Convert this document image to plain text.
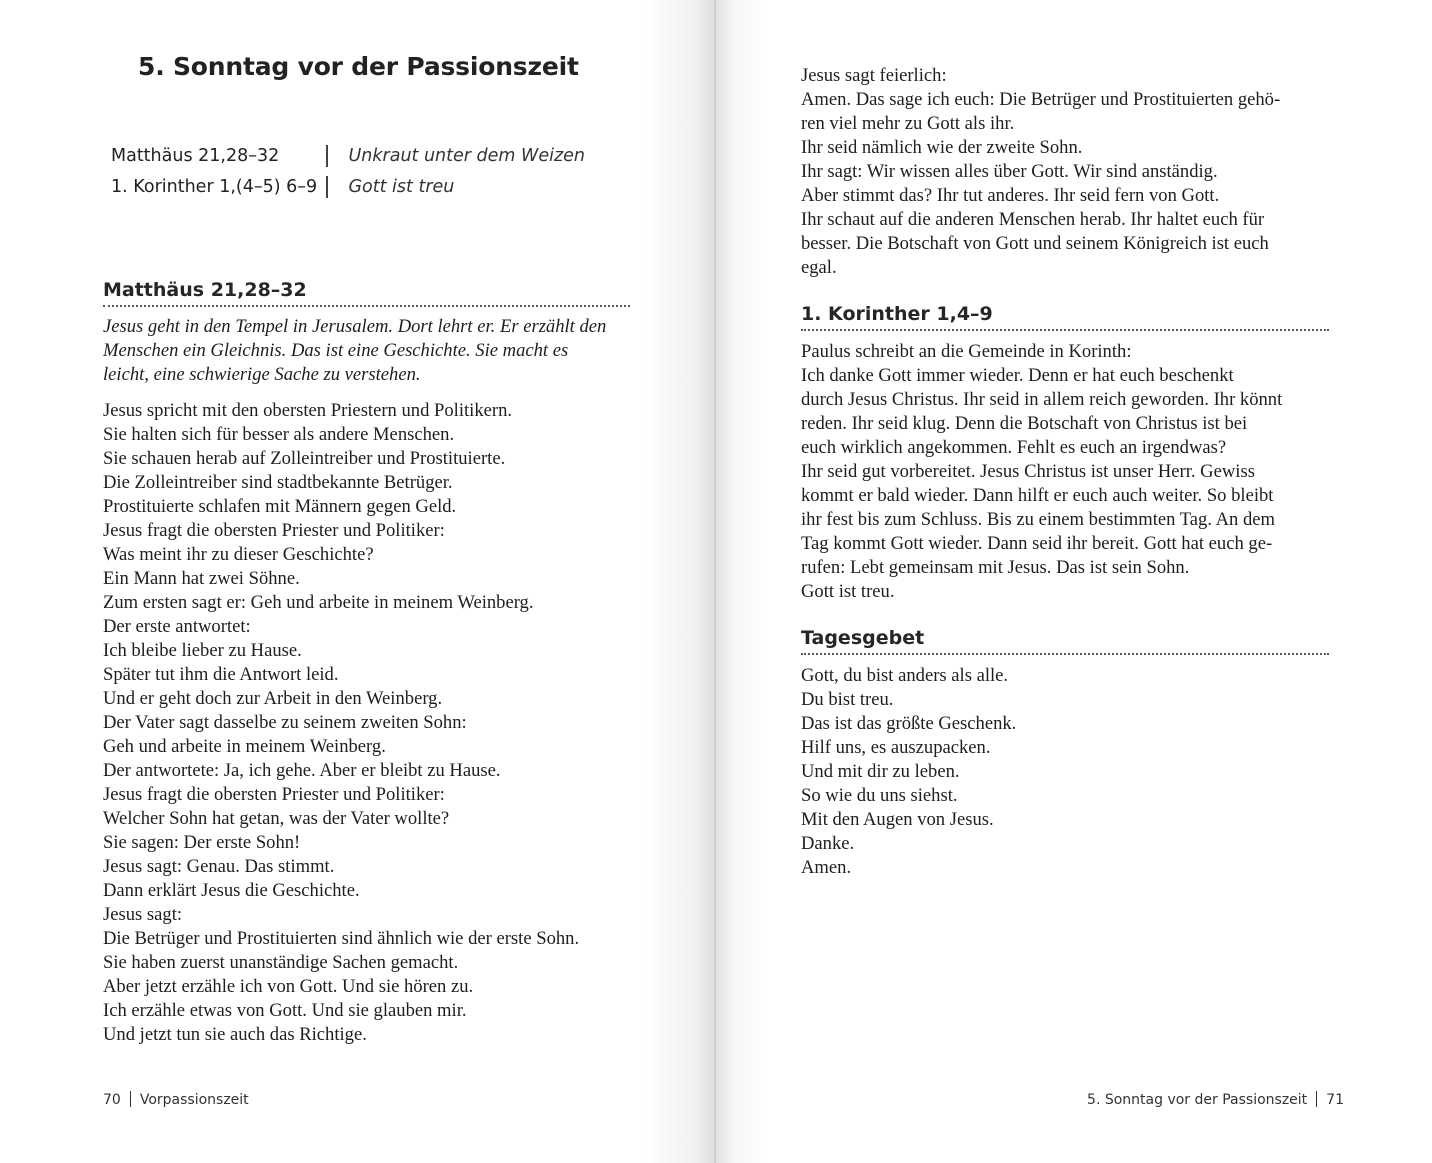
5. Sonntag vor der Passionszeit
Matthäus 21,28–32	Unkraut unter dem Weizen
1. Korinther 1,(4–5) 6–9	Gott ist treu
Matthäus 21,28–32
Jesus geht in den Tempel in Jerusalem. Dort lehrt er. Er erzählt den
Menschen ein Gleichnis. Das ist eine Geschichte. Sie macht es
leicht, eine schwierige Sache zu verstehen.
Jesus spricht mit den obersten Priestern und Politikern.
Sie halten sich für besser als andere Menschen.
Sie schauen herab auf Zolleintreiber und Prostituierte.
Die Zolleintreiber sind stadtbekannte Betrüger.
Prostituierte schlafen mit Männern gegen Geld.
Jesus fragt die obersten Priester und Politiker:
Was meint ihr zu dieser Geschichte?
Ein Mann hat zwei Söhne.
Zum ersten sagt er: Geh und arbeite in meinem Weinberg.
Der erste antwortet:
Ich bleibe lieber zu Hause.
Später tut ihm die Antwort leid.
Und er geht doch zur Arbeit in den Weinberg.
Der Vater sagt dasselbe zu seinem zweiten Sohn:
Geh und arbeite in meinem Weinberg.
Der antwortete: Ja, ich gehe. Aber er bleibt zu Hause.
Jesus fragt die obersten Priester und Politiker:
Welcher Sohn hat getan, was der Vater wollte?
Sie sagen: Der erste Sohn!
Jesus sagt: Genau. Das stimmt.
Dann erklärt Jesus die Geschichte.
Jesus sagt:
Die Betrüger und Prostituierten sind ähnlich wie der erste Sohn.
Sie haben zuerst unanständige Sachen gemacht.
Aber jetzt erzähle ich von Gott. Und sie hören zu.
Ich erzähle etwas von Gott. Und sie glauben mir.
Und jetzt tun sie auch das Richtige.
70 Vorpassionszeit
Jesus sagt feierlich:
Amen. Das sage ich euch: Die Betrüger und Prostituierten gehö-
ren viel mehr zu Gott als ihr.
Ihr seid nämlich wie der zweite Sohn.
Ihr sagt: Wir wissen alles über Gott. Wir sind anständig.
Aber stimmt das? Ihr tut anderes. Ihr seid fern von Gott.
Ihr schaut auf die anderen Menschen herab. Ihr haltet euch für
besser. Die Botschaft von Gott und seinem Königreich ist euch
egal.
1. Korinther 1,4–9
Paulus schreibt an die Gemeinde in Korinth:
Ich danke Gott immer wieder. Denn er hat euch beschenkt
durch Jesus Christus. Ihr seid in allem reich geworden. Ihr könnt
reden. Ihr seid klug. Denn die Botschaft von Christus ist bei
euch wirklich angekommen. Fehlt es euch an irgendwas?
Ihr seid gut vorbereitet. Jesus Christus ist unser Herr. Gewiss
kommt er bald wieder. Dann hilft er euch auch weiter. So bleibt
ihr fest bis zum Schluss. Bis zu einem bestimmten Tag. An dem
Tag kommt Gott wieder. Dann seid ihr bereit. Gott hat euch ge-
rufen: Lebt gemeinsam mit Jesus. Das ist sein Sohn.
Gott ist treu.
Tagesgebet
Gott, du bist anders als alle.
Du bist treu.
Das ist das größte Geschenk.
Hilf uns, es auszupacken.
Und mit dir zu leben.
So wie du uns siehst.
Mit den Augen von Jesus.
Danke.
Amen.
5. Sonntag vor der Passionszeit 71
